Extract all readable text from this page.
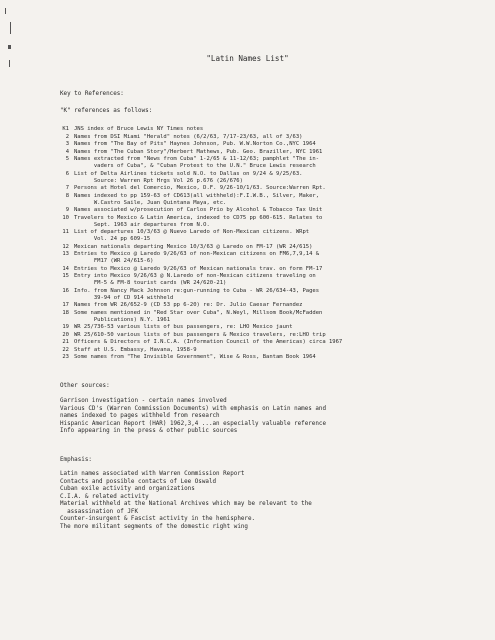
"Latin Names List"

Key to References:

"K" references as follows:

K1 JNS index of Bruce Lewis NY Times notes
2 Names from DSI Miami "Herald" notes (6/2/63, 7/17-23/63, all of 3/63)
3 Names from "The Bay of Pits" Haynes Johnson, Pub. W.W.Norton Co.,NYC 1964
4 Names from "The Cuban Story"/Herbert Mathews, Pub. Geo. Braziller, NYC 1961
5 Names extracted from "News from Cuba" 1-2/65 & 11-12/63; pamphlet "The in-
vaders of Cuba", & "Cuban Protest to the U.N." Bruce Lewis research
6 List of Delta Airlines tickets sold N.O. to Dallas on 9/24 & 9/25/63.
Source: Warren Rpt Hrgs Vol 26 p.676 (26/676)
7 Persons at Hotel del Comercio, Mexico, D.F. 9/26-10/1/63. Source:Warren Rpt.
8 Names indexed to pp 159-63 of CD613(all withheld):F.I.W.B., Silver, Maker,
W.Castro Saile, Juan Quintana Maya, etc.
9 Names associated w/prosecution of Carlos Prio by Alcohol & Tobacco Tax Unit
10 Travelers to Mexico & Latin America, indexed to CD75 pp 600-615. Relates to
Sept. 1963 air departures from N.O.
11 List of departures 10/3/63 @ Nuevo Laredo of Non-Mexican citizens. WRpt
Vol. 24 pp 609-15
12 Mexican nationals departing Mexico 10/3/63 @ Laredo on FM-17 (WR 24/615)
13 Entries to Mexico @ Laredo 9/26/63 of non-Mexican citizens on FM6,7,9,14 &
FM17 (WR 24/615-6)
14 Entries to Mexico @ Laredo 9/26/63 of Mexican nationals trav. on form FM-17
15 Entry into Mexico 9/26/63 @ N.Laredo of non-Mexican citizens traveling on
FM-5 & FM-8 tourist cards (WR 24/620-21)
16 Info. from Nancy Mack Johnson re:gun-running to Cuba - WR 26/634-43, Pages
39-94 of CD 914 withheld
17 Names from WR 26/652-9 (CD 53 pp 6-20) re: Dr. Julio Caesar Fernandez
18 Some names mentioned in "Red Star over Cuba", N.Weyl, Millsom Book/McFadden
Publications) N.Y. 1961
19 WR 25/736-53 various lists of bus passengers, re: LHO Mexico jaunt
20 WR 25/610-50 various lists of bus passengers & Mexico travelers, re:LHO trip
21 Officers & Directors of I.N.C.A. (Information Council of the Americas) circa 1967
22 Staff at U.S. Embassy, Havana, 1958-9
23 Some names from "The Invisible Government", Wise & Ross, Bantam Book 1964

Other sources:

Garrison investigation - certain names involved

Various CD's (Warren Commission Documents) with emphasis on Latin names and

names indexed to pages withheld from research

Hispanic American Report (HAR) 1962,3,4 ...an especially valuable reference

Info appearing in the press & other public sources

Emphasis:

Latin names associated with Warren Commission Report

Contacts and possible contacts of Lee Oswald

Cuban exile activity and organizations

C.I.A. & related activity

Material withheld at the National Archives which may be relevant to the

assassination of JFK

Counter-insurgent & Fascist activity in the hemisphere.

The more militant segments of the domestic right wing
